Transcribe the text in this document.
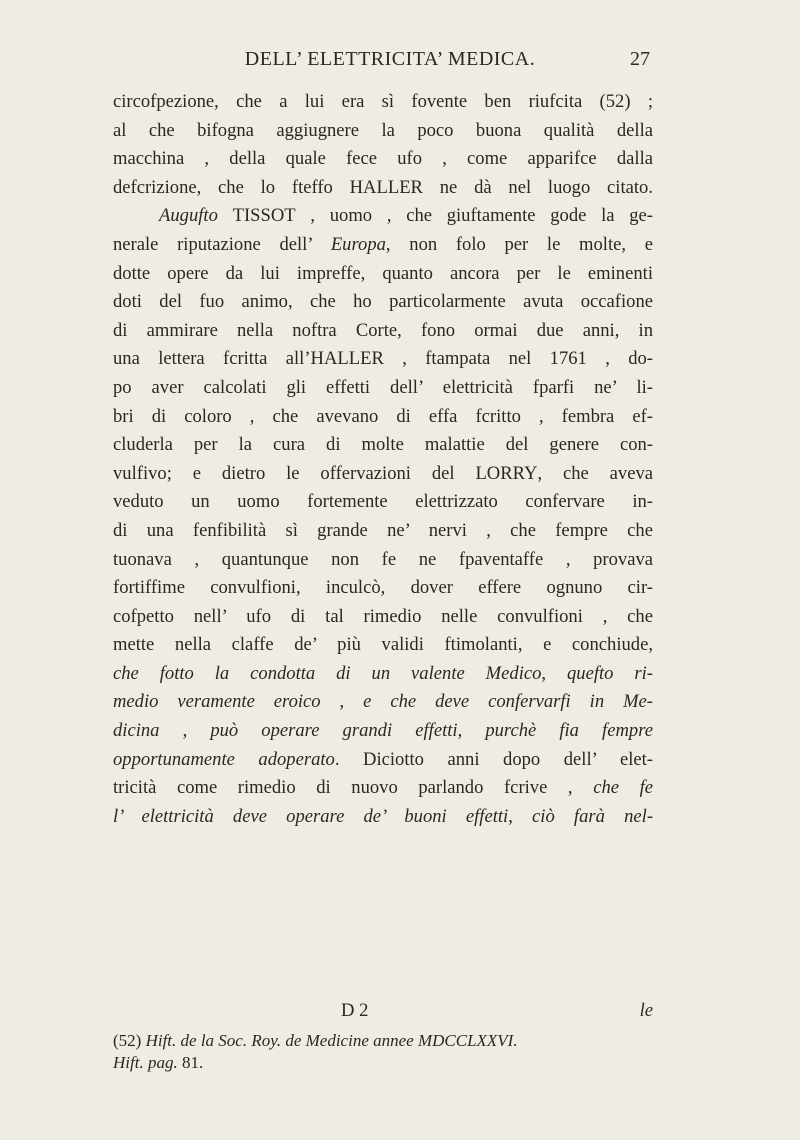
DELL’ ELETTRICITA’ MEDICA.	27
circofpezione, che a lui era sì fovente ben riufcita (52) ;
al che bifogna aggiugnere la poco buona qualità della
macchina , della quale fece ufo , come apparifce dalla
defcrizione, che lo fteffo HALLER ne dà nel luogo citato.
Augufto TISSOT , uomo , che giuftamente gode la ge-
nerale riputazione dell’ Europa, non folo per le molte, e
dotte opere da lui impreffe, quanto ancora per le eminenti
doti del fuo animo, che ho particolarmente avuta occafione
di ammirare nella noftra Corte, fono ormai due anni, in
una lettera fcritta all’HALLER , ftampata nel 1761 , do-
po aver calcolati gli effetti dell’ elettricità fparfi ne’ li-
bri di coloro , che avevano di effa fcritto , fembra ef-
cluderla per la cura di molte malattie del genere con-
vulfivo; e dietro le offervazioni del LORRY, che aveva
veduto un uomo fortemente elettrizzato confervare in-
di una fenfibilità sì grande ne’ nervi , che fempre che
tuonava , quantunque non fe ne fpaventaffe , provava
fortiffime convulfioni, inculcò, dover effere ognuno cir-
cofpetto nell’ ufo di tal rimedio nelle convulfioni , che
mette nella claffe de’ più validi ftimolanti, e conchiude,
che fotto la condotta di un valente Medico, quefto ri-
medio veramente eroico , e che deve confervarfi in Me-
dicina , può operare grandi effetti, purchè fia fempre
opportunamente adoperato. Diciotto anni dopo dell’ elet-
tricità come rimedio di nuovo parlando fcrive , che fe
l’ elettricità deve operare de’ buoni effetti, ciò farà nel-
D 2	le
(52) Hift. de la Soc. Roy. de Medicine annee MDCCLXXVI.
Hift. pag. 81.
